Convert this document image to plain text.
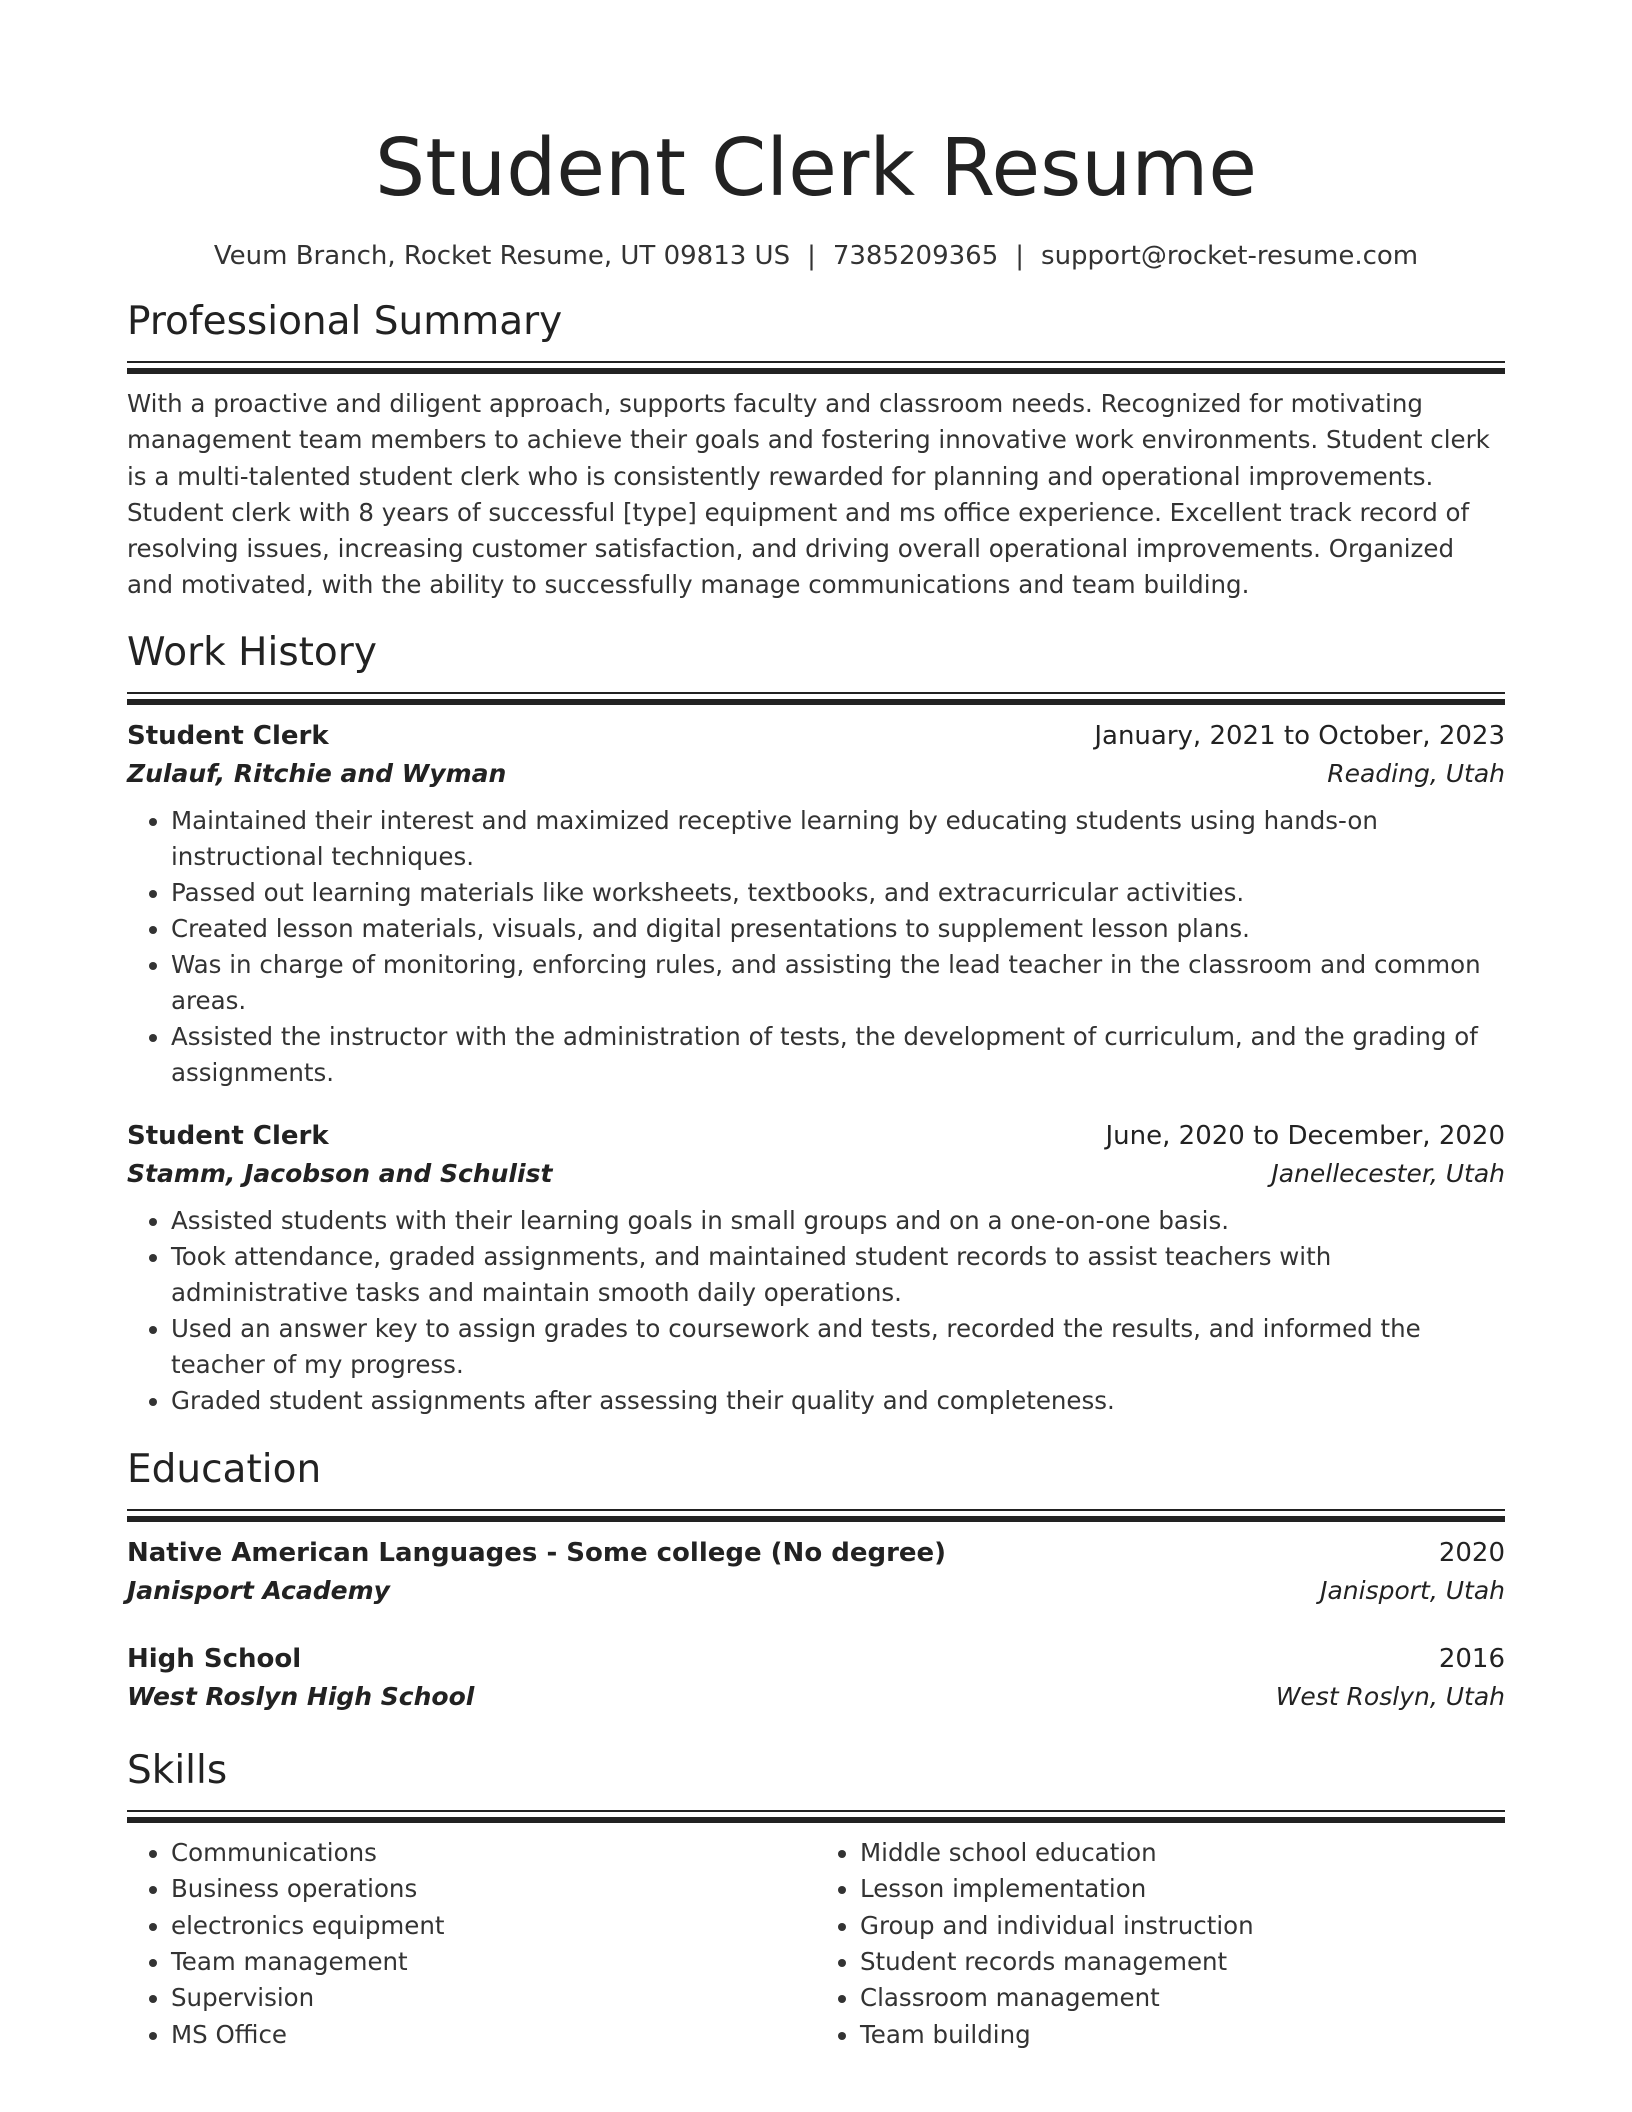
Student Clerk Resume
Veum Branch, Rocket Resume, UT 09813 US | 7385209365 | support@rocket-resume.com
Professional Summary

With a proactive and diligent approach, supports faculty and classroom needs. Recognized for motivating management team members to achieve their goals and fostering innovative work environments. Student clerk is a multi-talented student clerk who is consistently rewarded for planning and operational improvements. Student clerk with 8 years of successful [type] equipment and ms office experience. Excellent track record of resolving issues, increasing customer satisfaction, and driving overall operational improvements. Organized and motivated, with the ability to successfully manage communications and team building.

Work History
Student Clerk	January, 2021 to October, 2023
Zulauf, Ritchie and Wyman	Reading, Utah
• Maintained their interest and maximized receptive learning by educating students using hands-on instructional techniques.
• Passed out learning materials like worksheets, textbooks, and extracurricular activities.
• Created lesson materials, visuals, and digital presentations to supplement lesson plans.
• Was in charge of monitoring, enforcing rules, and assisting the lead teacher in the classroom and common areas.
• Assisted the instructor with the administration of tests, the development of curriculum, and the grading of assignments.
Student Clerk	June, 2020 to December, 2020
Stamm, Jacobson and Schulist	Janellecester, Utah
• Assisted students with their learning goals in small groups and on a one-on-one basis.
• Took attendance, graded assignments, and maintained student records to assist teachers with administrative tasks and maintain smooth daily operations.
• Used an answer key to assign grades to coursework and tests, recorded the results, and informed the teacher of my progress.
• Graded student assignments after assessing their quality and completeness.
Education
Native American Languages - Some college (No degree)	2020
Janisport Academy	Janisport, Utah
High School	2016
West Roslyn High School	West Roslyn, Utah
Skills
• Communications
• Business operations
• electronics equipment
• Team management
• Supervision
• MS Office
• Middle school education
• Lesson implementation
• Group and individual instruction
• Student records management
• Classroom management
• Team building
